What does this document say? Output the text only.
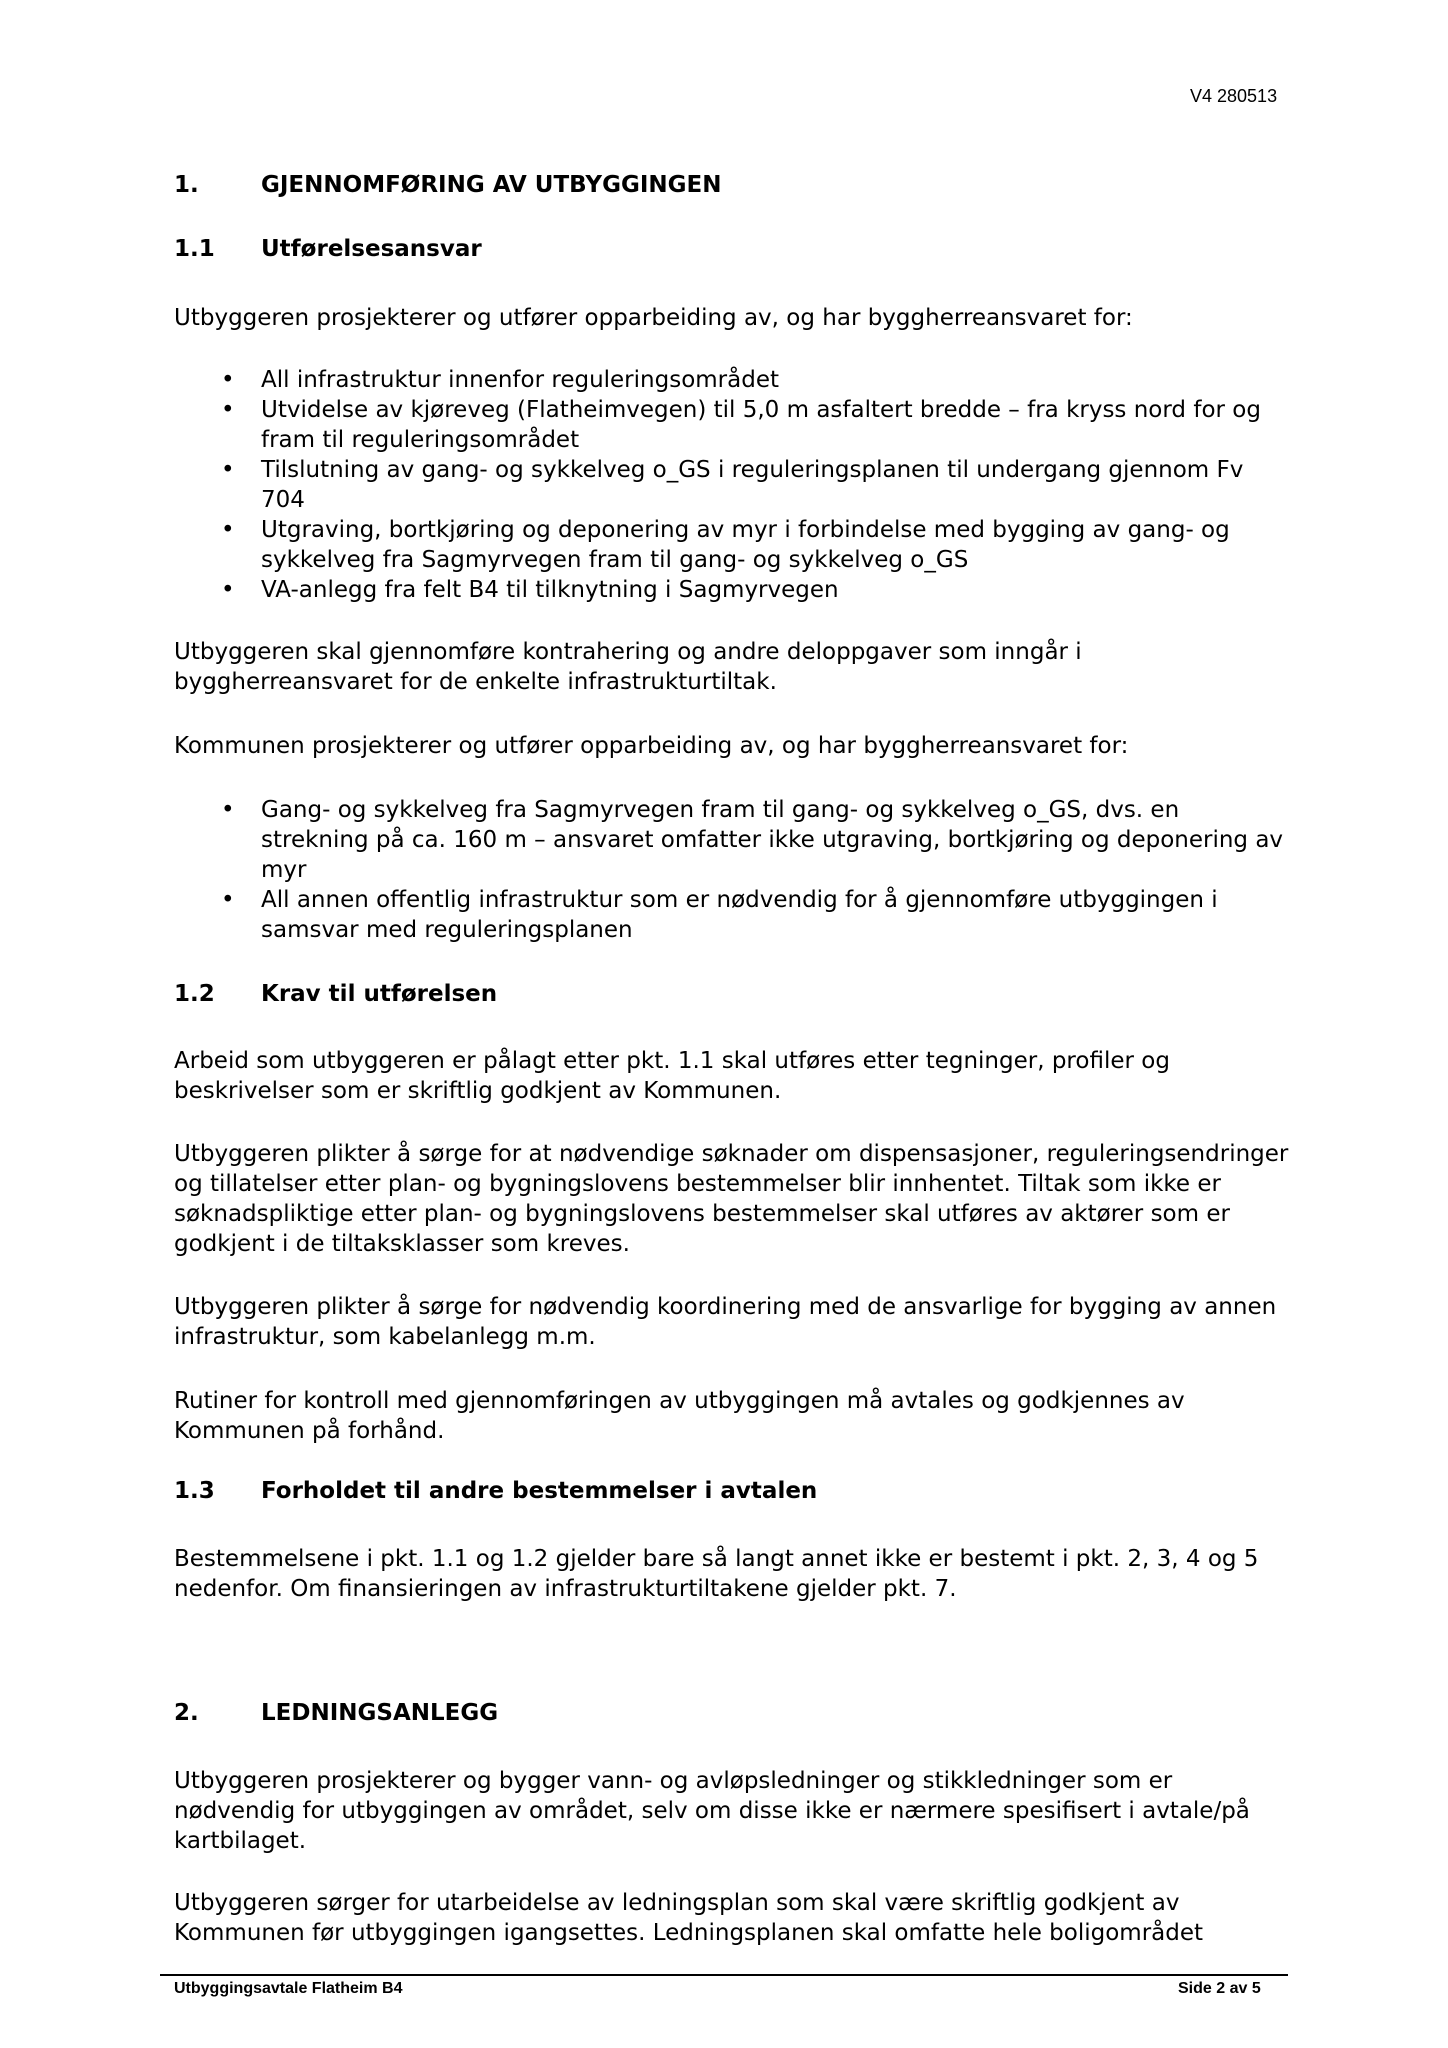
V4 280513
1.	GJENNOMFØRING AV UTBYGGINGEN
1.1 Utførelsesansvar
Utbyggeren prosjekterer og utfører opparbeiding av, og har byggherreansvaret for:
• All infrastruktur innenfor reguleringsområdet
• Utvidelse av kjøreveg (Flatheimvegen) til 5,0 m asfaltert bredde – fra kryss nord for og fram til reguleringsområdet
• Tilslutning av gang- og sykkelveg o_GS i reguleringsplanen til undergang gjennom Fv 704
• Utgraving, bortkjøring og deponering av myr i forbindelse med bygging av gang- og sykkelveg fra Sagmyrvegen fram til gang- og sykkelveg o_GS
• VA-anlegg fra felt B4 til tilknytning i Sagmyrvegen
Utbyggeren skal gjennomføre kontrahering og andre deloppgaver som inngår i byggherreansvaret for de enkelte infrastrukturtiltak.
Kommunen prosjekterer og utfører opparbeiding av, og har byggherreansvaret for:
• Gang- og sykkelveg fra Sagmyrvegen fram til gang- og sykkelveg o_GS, dvs. en strekning på ca. 160 m – ansvaret omfatter ikke utgraving, bortkjøring og deponering av myr
• All annen offentlig infrastruktur som er nødvendig for å gjennomføre utbyggingen i samsvar med reguleringsplanen
1.2 Krav til utførelsen
Arbeid som utbyggeren er pålagt etter pkt. 1.1 skal utføres etter tegninger, profiler og beskrivelser som er skriftlig godkjent av Kommunen.
Utbyggeren plikter å sørge for at nødvendige søknader om dispensasjoner, reguleringsendringer og tillatelser etter plan- og bygningslovens bestemmelser blir innhentet. Tiltak som ikke er søknadspliktige etter plan- og bygningslovens bestemmelser skal utføres av aktører som er godkjent i de tiltaksklasser som kreves.
Utbyggeren plikter å sørge for nødvendig koordinering med de ansvarlige for bygging av annen infrastruktur, som kabelanlegg m.m.
Rutiner for kontroll med gjennomføringen av utbyggingen må avtales og godkjennes av Kommunen på forhånd.
1.3 Forholdet til andre bestemmelser i avtalen
Bestemmelsene i pkt. 1.1 og 1.2 gjelder bare så langt annet ikke er bestemt i pkt. 2, 3, 4 og 5 nedenfor. Om finansieringen av infrastrukturtiltakene gjelder pkt. 7.
2.	LEDNINGSANLEGG
Utbyggeren prosjekterer og bygger vann- og avløpsledninger og stikkledninger som er nødvendig for utbyggingen av området, selv om disse ikke er nærmere spesifisert i avtale/på kartbilaget.
Utbyggeren sørger for utarbeidelse av ledningsplan som skal være skriftlig godkjent av Kommunen før utbyggingen igangsettes. Ledningsplanen skal omfatte hele boligområdet
Utbyggingsavtale Flatheim B4	Side 2 av 5
